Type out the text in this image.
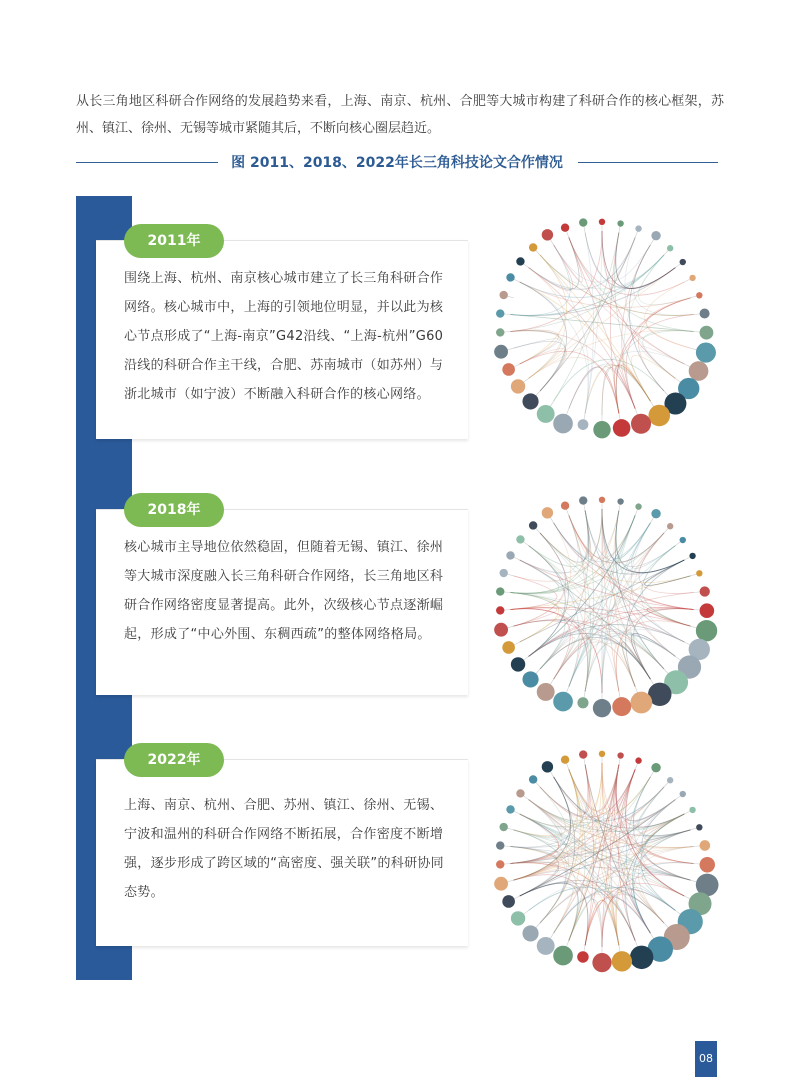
从长三角地区科研合作网络的发展趋势来看，上海、南京、杭州、合肥等大城市构建了科研合作的核心框架，苏州、镇江、徐州、无锡等城市紧随其后，不断向核心圈层趋近。
图 2011、2018、2022年长三角科技论文合作情况
2011年
围绕上海、杭州、南京核心城市建立了长三角科研合作网络。核心城市中，上海的引领地位明显，并以此为核心节点形成了“上海-南京”G42沿线、“上海-杭州”G60沿线的科研合作主干线，合肥、苏南城市（如苏州）与浙北城市（如宁波）不断融入科研合作的核心网络。
2018年
核心城市主导地位依然稳固，但随着无锡、镇江、徐州等大城市深度融入长三角科研合作网络，长三角地区科研合作网络密度显著提高。此外，次级核心节点逐渐崛起，形成了“中心外围、东稠西疏”的整体网络格局。
2022年
上海、南京、杭州、合肥、苏州、镇江、徐州、无锡、宁波和温州的科研合作网络不断拓展，合作密度不断增强，逐步形成了跨区域的“高密度、强关联”的科研协同态势。
08
